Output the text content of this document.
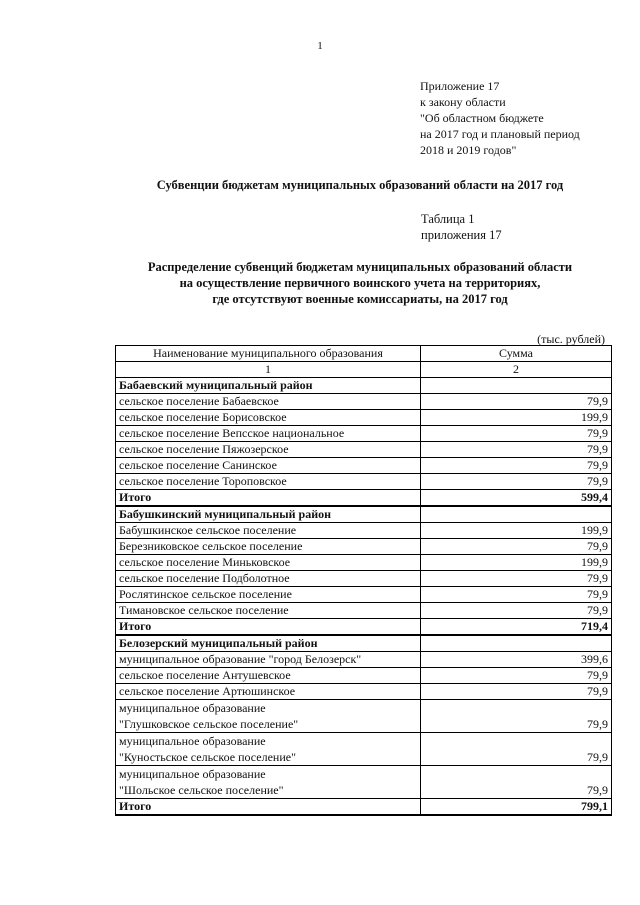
1
Приложение 17
к закону области
"Об областном бюджете
на 2017 год и плановый период
2018 и 2019 годов"
Субвенции бюджетам муниципальных образований области на 2017 год
Таблица 1
приложения 17
Распределение субвенций бюджетам муниципальных образований области
на осуществление первичного воинского учета на территориях,
где отсутствуют военные комиссариаты, на 2017 год
(тыс. рублей)
Наименование муниципального образования	Сумма
1	2
Бабаевский муниципальный район	
сельское поселение Бабаевское	79,9
сельское поселение Борисовское	199,9
сельское поселение Вепсское национальное	79,9
сельское поселение Пяжозерское	79,9
сельское поселение Санинское	79,9
сельское поселение Тороповское	79,9
Итого	599,4
Бабушкинский муниципальный район	
Бабушкинское сельское поселение	199,9
Березниковское сельское поселение	79,9
сельское поселение Миньковское	199,9
сельское поселение Подболотное	79,9
Рослятинское сельское поселение	79,9
Тимановское сельское поселение	79,9
Итого	719,4
Белозерский муниципальный район	
муниципальное образование "город Белозерск"	399,6
сельское поселение Антушевское	79,9
сельское поселение Артюшинское	79,9

муниципальное образование
"Глушковское сельское поселение"	79,9

муниципальное образование
"Куностьское сельское поселение"	79,9

муниципальное образование
"Шольское сельское поселение"	79,9
Итого	799,1
